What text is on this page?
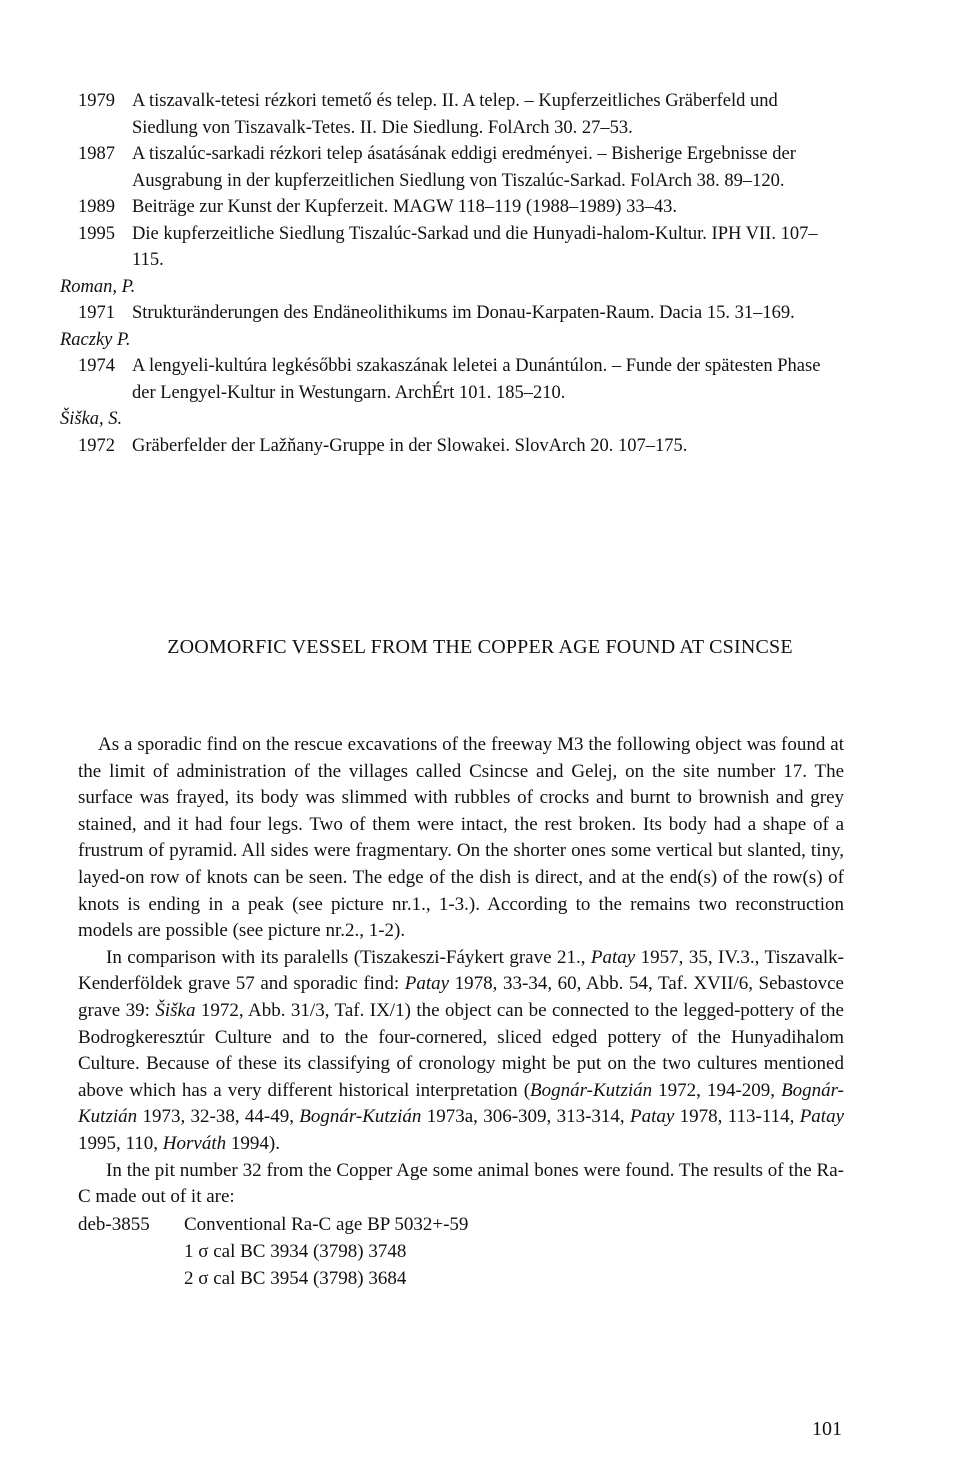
1979 A tiszavalk-tetesi rézkori temető és telep. II. A telep. – Kupferzeitliches Gräberfeld und Siedlung von Tiszavalk-Tetes. II. Die Siedlung. FolArch 30. 27–53.
1987 A tiszalúc-sarkadi rézkori telep ásatásának eddigi eredményei. – Bisherige Ergebnisse der Ausgrabung in der kupferzeitlichen Siedlung von Tiszalúc-Sarkad. FolArch 38. 89–120.
1989 Beiträge zur Kunst der Kupferzeit. MAGW 118–119 (1988–1989) 33–43.
1995 Die kupferzeitliche Siedlung Tiszalúc-Sarkad und die Hunyadi-halom-Kultur. IPH VII. 107–115.
Roman, P.
1971 Strukturänderungen des Endäneolithikums im Donau-Karpaten-Raum. Dacia 15. 31–169.
Raczky P.
1974 A lengyeli-kultúra legkésőbbi szakaszának leletei a Dunántúlon. – Funde der spätesten Phase der Lengyel-Kultur in Westungarn. ArchÉrt 101. 185–210.
Šiška, S.
1972 Gräberfelder der Lažňany-Gruppe in der Slowakei. SlovArch 20. 107–175.
ZOOMORFIC VESSEL FROM THE COPPER AGE FOUND AT CSINCSE

As a sporadic find on the rescue excavations of the freeway M3 the following object was found at the limit of administration of the villages called Csincse and Gelej, on the site number 17. The surface was frayed, its body was slimmed with rubbles of crocks and burnt to brownish and grey stained, and it had four legs. Two of them were intact, the rest broken. Its body had a shape of a frustrum of pyramid. All sides were fragmentary. On the shorter ones some vertical but slanted, tiny, layed-on row of knots can be seen. The edge of the dish is direct, and at the end(s) of the row(s) of knots is ending in a peak (see picture nr.1., 1-3.). According to the remains two reconstruction models are possible (see picture nr.2., 1-2).

In comparison with its paralells (Tiszakeszi-Fáykert grave 21., Patay 1957, 35, IV.3., Tiszavalk-Kenderföldek grave 57 and sporadic find: Patay 1978, 33-34, 60, Abb. 54, Taf. XVII/6, Sebastovce grave 39: Šiška 1972, Abb. 31/3, Taf. IX/1) the object can be connected to the legged-pottery of the Bodrogkeresztúr Culture and to the four-cornered, sliced edged pottery of the Hunyadihalom Culture. Because of these its classifying of cronology might be put on the two cultures mentioned above which has a very different historical interpretation (Bognár-Kutzián 1972, 194-209, Bognár-Kutzián 1973, 32-38, 44-49, Bognár-Kutzián 1973a, 306-309, 313-314, Patay 1978, 113-114, Patay 1995, 110, Horváth 1994).

In the pit number 32 from the Copper Age some animal bones were found. The results of the Ra-C made out of it are:

deb-3855	Conventional Ra-C age BP 5032+-59
1 σ cal BC 3934 (3798) 3748
2 σ cal BC 3954 (3798) 3684
101
